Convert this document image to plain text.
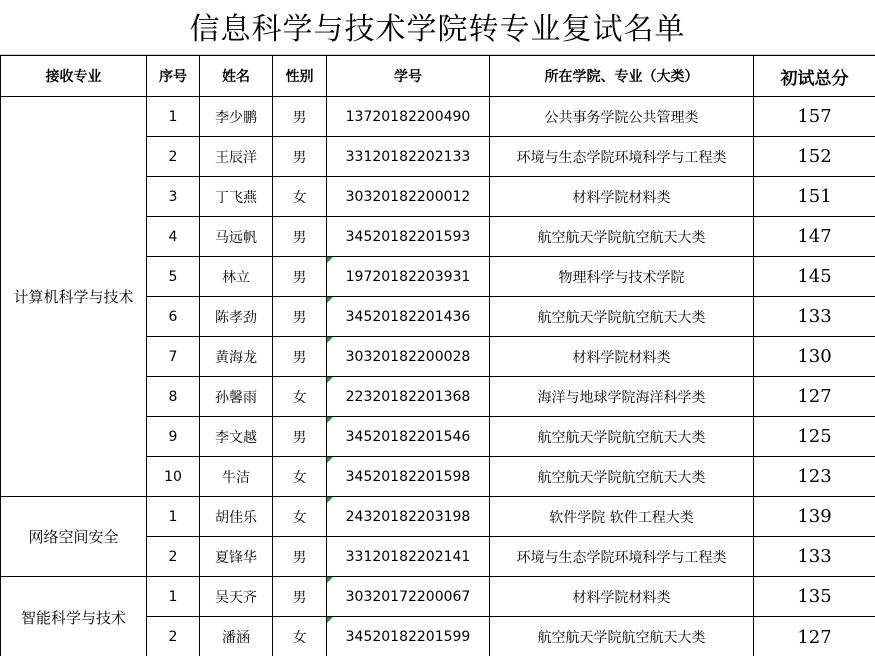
信息科学与技术学院转专业复试名单
接收专业	序号	姓名	性别	学号	所在学院、专业（大类）	初试总分
计算机科学与技术	1	李少鹏	男	13720182200490	公共事务学院公共管理类	157
	2	王辰洋	男	33120182202133	环境与生态学院环境科学与工程类	152
	3	丁飞燕	女	30320182200012	材料学院材料类	151
	4	马远帆	男	34520182201593	航空航天学院航空航天大类	147
	5	林立	男	19720182203931	物理科学与技术学院	145
	6	陈孝劲	男	34520182201436	航空航天学院航空航天大类	133
	7	黄海龙	男	30320182200028	材料学院材料类	130
	8	孙馨雨	女	22320182201368	海洋与地球学院海洋科学类	127
	9	李文越	男	34520182201546	航空航天学院航空航天大类	125
	10	牛洁	女	34520182201598	航空航天学院航空航天大类	123
网络空间安全	1	胡佳乐	女	24320182203198	软件学院 软件工程大类	139
	2	夏锋华	男	33120182202141	环境与生态学院环境科学与工程类	133
智能科学与技术	1	吴天齐	男	30320172200067	材料学院材料类	135
	2	潘涵	女	34520182201599	航空航天学院航空航天大类	127
